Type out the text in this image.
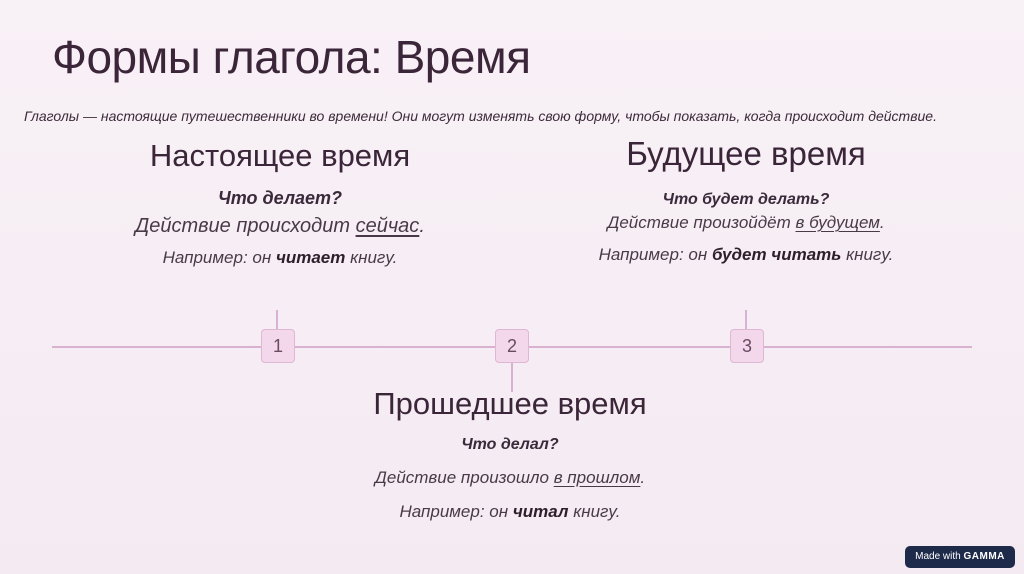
Формы глагола: Время
Глаголы — настоящие путешественники во времени! Они могут изменять свою форму, чтобы показать, когда происходит действие.
Настоящее время
Что делает?
Действие происходит сейчас.
Например: он читает книгу.
Будущее время
Что будет делать?
Действие произойдёт в будущем.
Например: он будет читать книгу.
1	2	3
Прошедшее время
Что делал?
Действие произошло в прошлом.
Например: он читал книгу.
Made with GAMMA
